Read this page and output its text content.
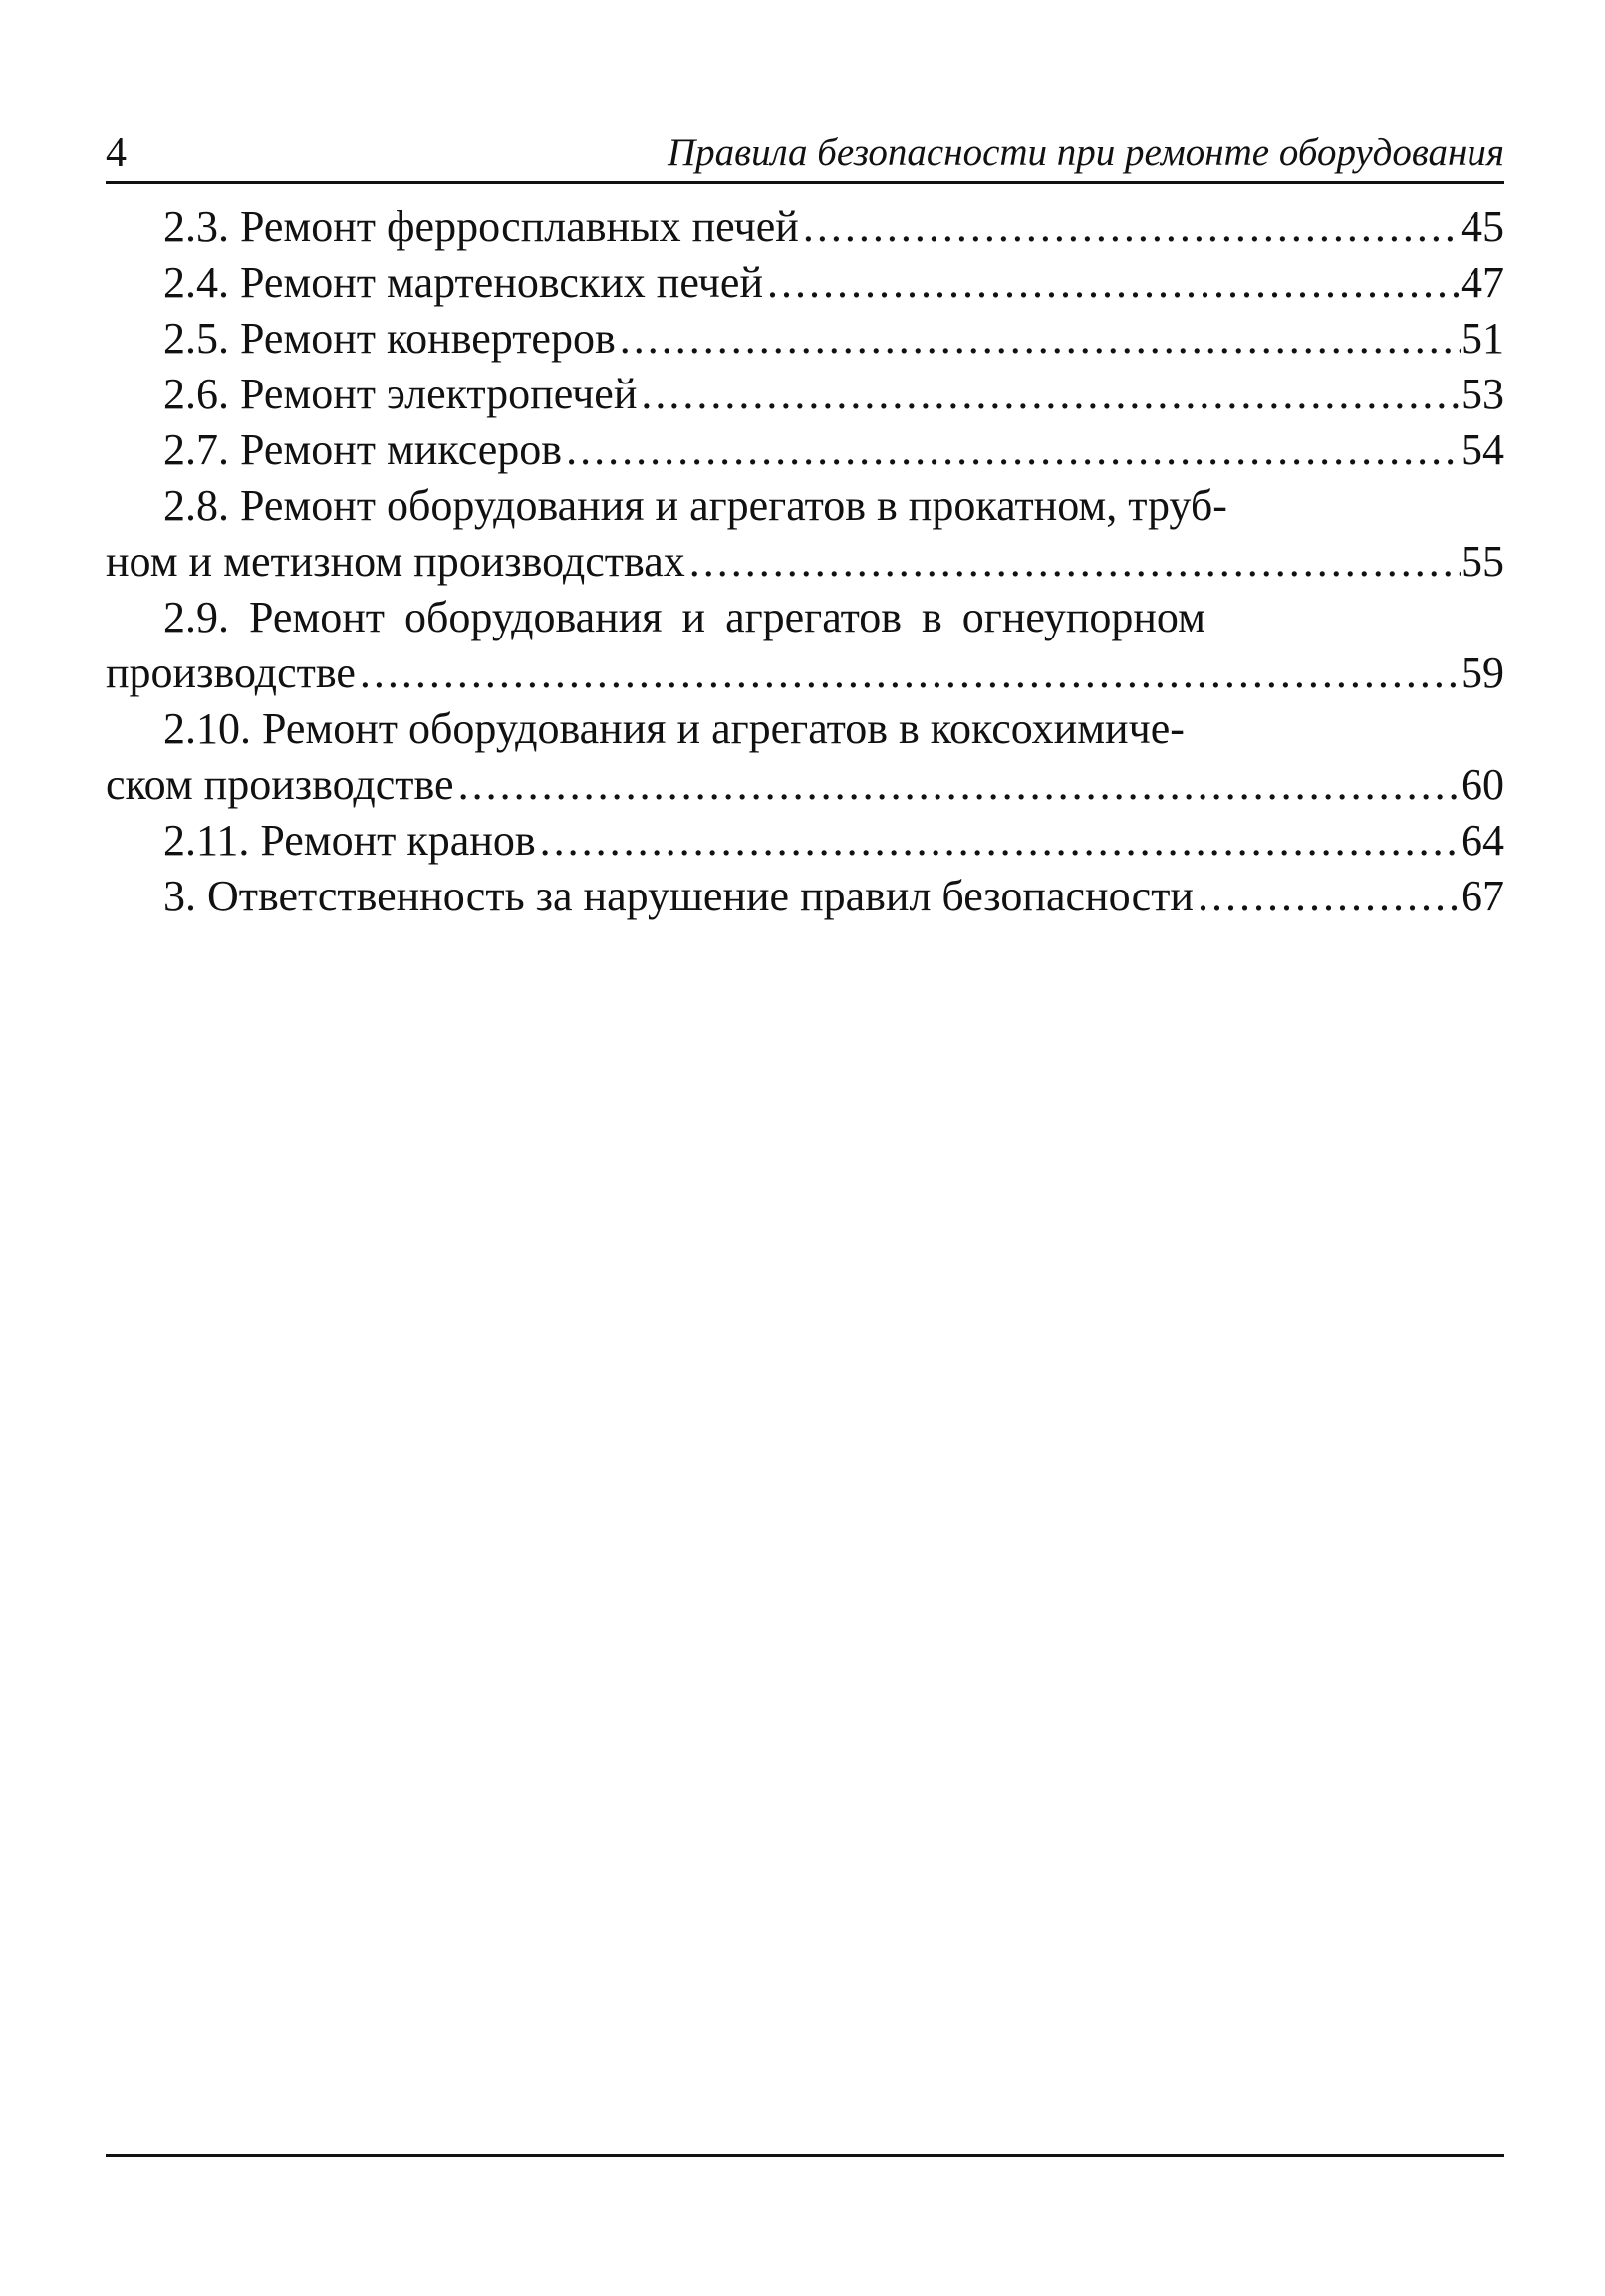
4	Правила безопасности при ремонте оборудования
2.3. Ремонт ферросплавных печей .....	45
2.4. Ремонт мартеновских печей .....	47
2.5. Ремонт конвертеров .....	51
2.6. Ремонт электропечей .....	53
2.7. Ремонт миксеров .....	54
2.8. Ремонт оборудования и агрегатов в прокатном, труб-
ном и метизном производствах .....	55
2.9. Ремонт оборудования и агрегатов в огнеупорном
производстве .....	59
2.10. Ремонт оборудования и агрегатов в коксохимиче-
ском производстве .....	60
2.11. Ремонт кранов .....	64
3. Ответственность за нарушение правил безопасности .....	67
